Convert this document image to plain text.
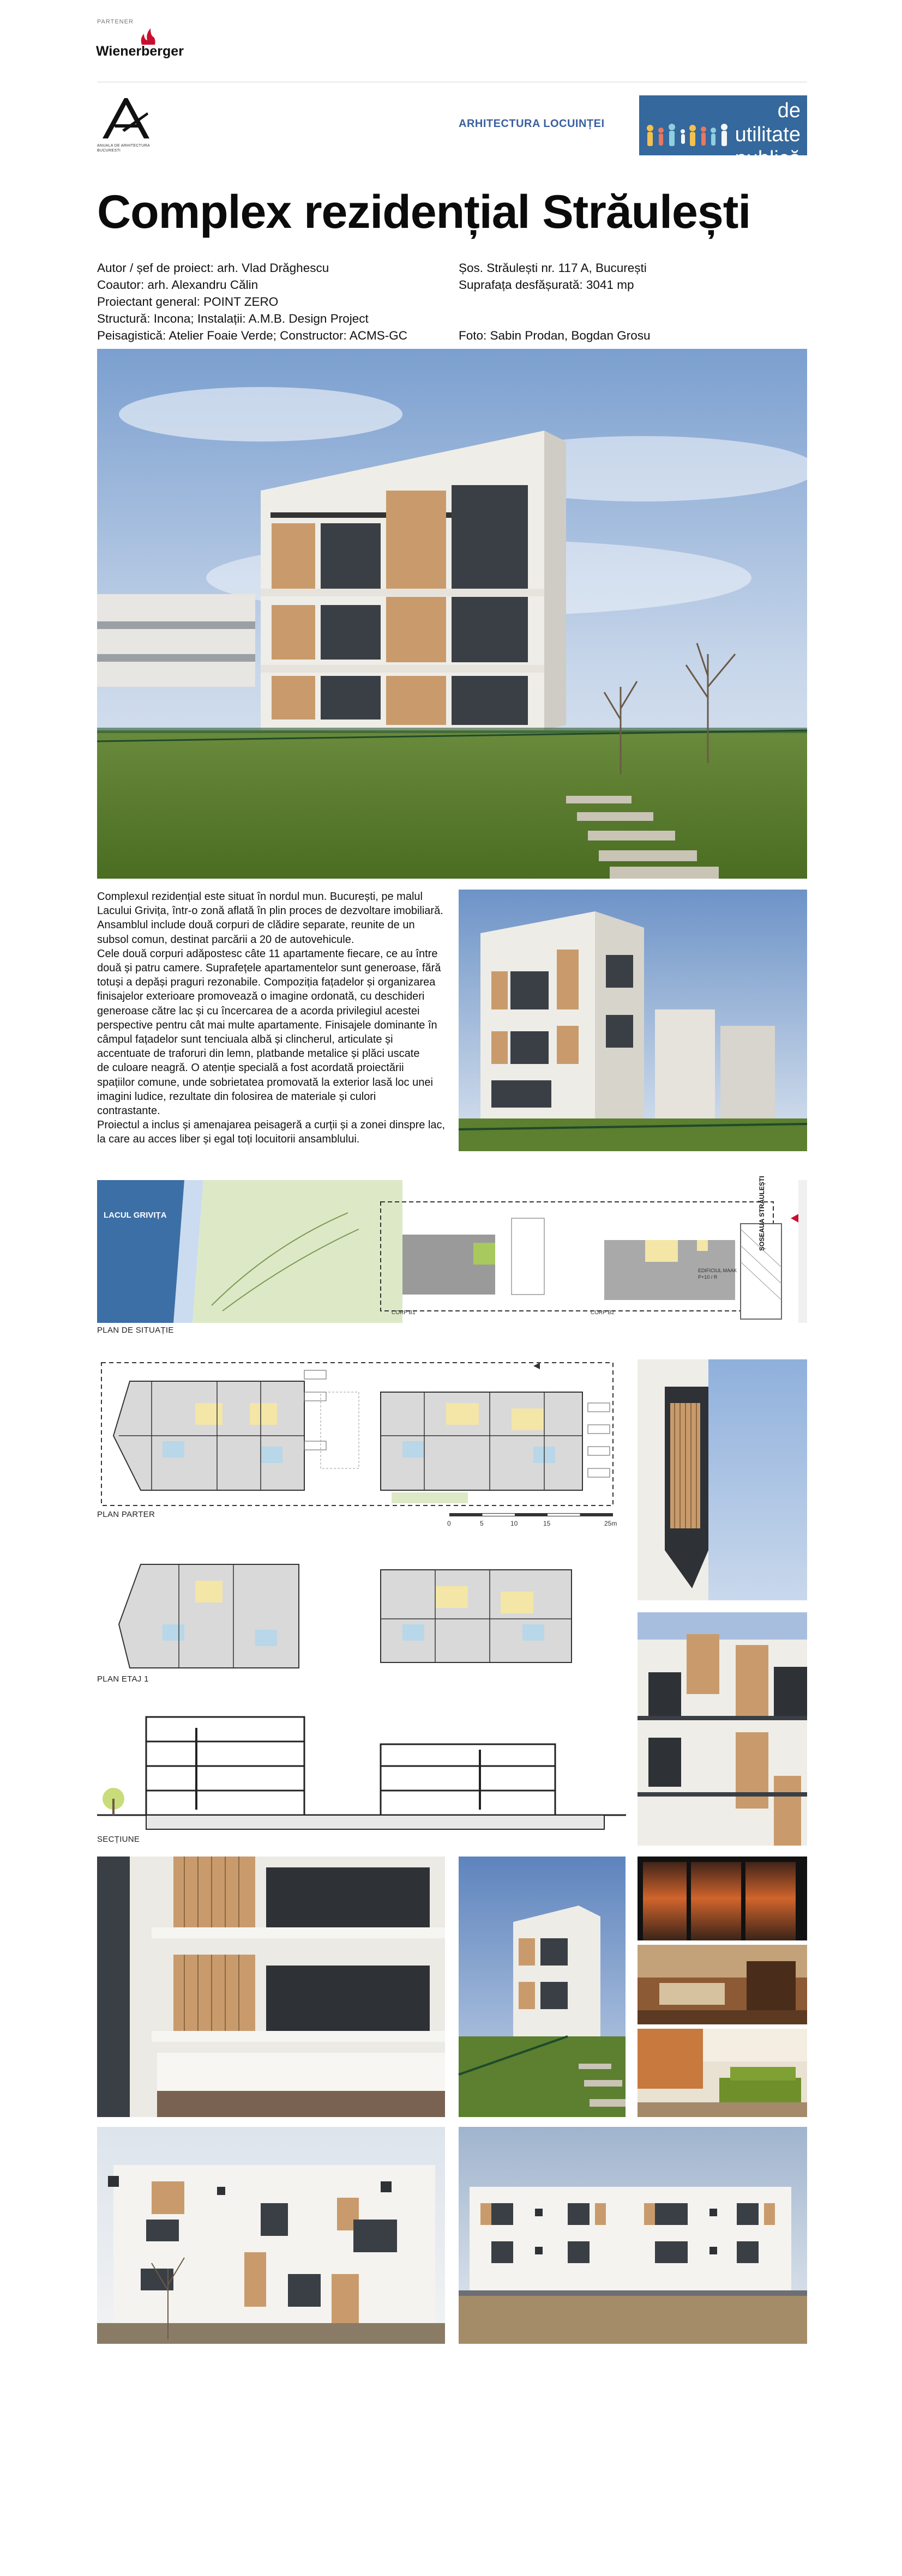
PARTENER
Wienerberger
ANUALA DE ARHITECTURA BUCURESTI
ARHITECTURA LOCUINȚEI
de utilitate publică
Complex rezidențial Străulești
Autor / șef de proiect: arh. Vlad Drăghescu
Coautor: arh. Alexandru Călin
Proiectant general: POINT ZERO
Structură: Incona; Instalații: A.M.B. Design Project
Peisagistică: Atelier Foaie Verde; Constructor: ACMS-GC
Șos. Străulești nr. 117 A, București
Suprafața desfășurată: 3041 mp
Foto: Sabin Prodan, Bogdan Grosu
Complexul rezidențial este situat în nordul mun. București, pe malul
Lacului Grivița, într-o zonă aflată în plin proces de dezvoltare imobiliară.
Ansamblul include două corpuri de clădire separate, reunite de un
subsol comun, destinat parcării a 20 de autovehicule.
Cele două corpuri adăpostesc câte 11 apartamente fiecare, ce au între
două și patru camere. Suprafețele apartamentelor sunt generoase, fără
totuși a depăși praguri rezonabile. Compoziția fațadelor și organizarea
finisajelor exterioare promovează o imagine ordonată, cu deschideri
generoase către lac și cu încercarea de a acorda privilegiul acestei
perspective pentru cât mai multe apartamente. Finisajele dominante în
câmpul fațadelor sunt tenciuala albă și clincherul, articulate și
accentuate de traforuri din lemn, platbande metalice și plăci uscate
de culoare neagră. O atenție specială a fost acordată proiectării
spațiilor comune, unde sobrietatea promovată la exterior lasă loc unei
imagini ludice, rezultate din folosirea de materiale și culori
contrastante.
Proiectul a inclus și amenajarea peisageră a curții și a zonei dinspre lac,
la care au acces liber și egal toți locuitorii ansamblului.
LACUL GRIVIȚA
CORP B1	CORP B2
EDIFICIUL MAAK P+10 / R
ȘOSEAUA STRĂULEȘTI
PLAN DE SITUAȚIE
PLAN PARTER
0	5	10	15	25m
PLAN ETAJ 1
SECȚIUNE
